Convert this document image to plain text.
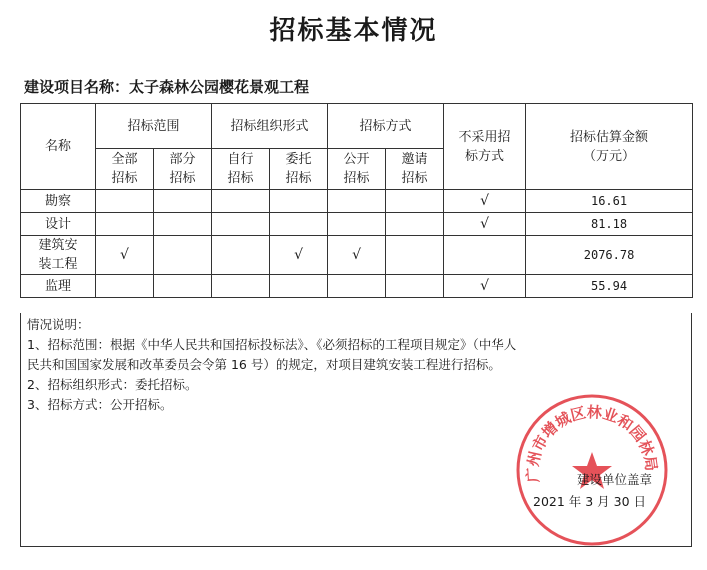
招标基本情况
建设项目名称：太子森林公园樱花景观工程
名称	招标范围		招标组织形式		招标方式		不采用招标方式	招标估算金额
（万元）

	全部招标	部分招标	自行招标	委托招标	公开招标	邀请招标		

勘察							√	16.61
设计							√	81.18

建筑安装工程	√			√	√			2076.78
监理							√	55.94
情况说明：
1、招标范围：根据《中华人民共和国招标投标法》、《必须招标的工程项目规定》（中华人
民共和国国家发展和改革委员会令第 16 号）的规定，对项目建筑安装工程进行招标。
2、招标组织形式：委托招标。
3、招标方式：公开招标。
广州市增城区林业和园林局
建设单位盖章
2021 年 3 月 30 日
